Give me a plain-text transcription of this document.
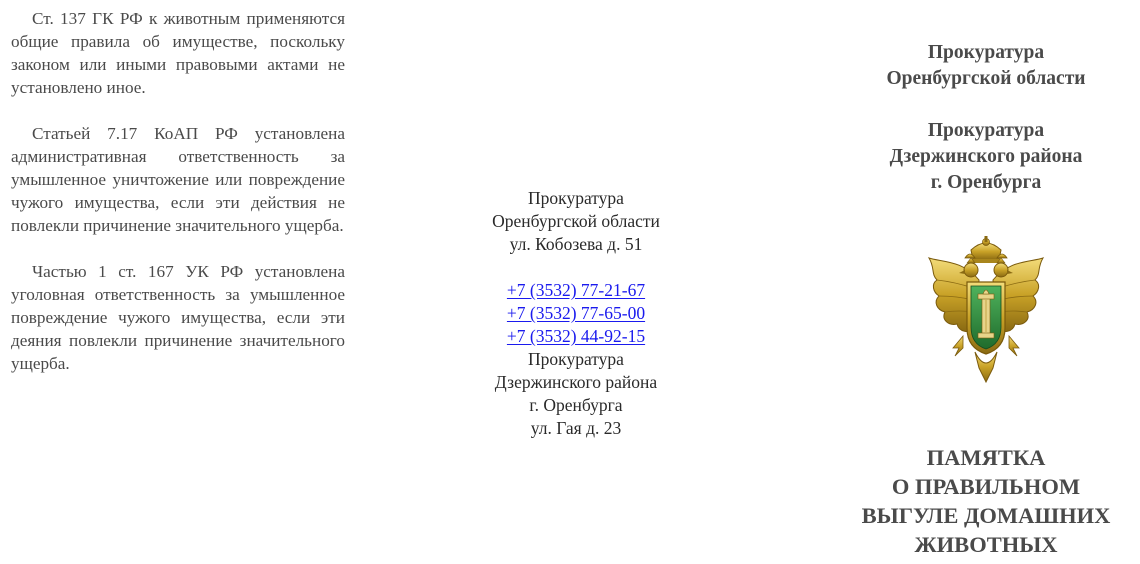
Ст. 137 ГК РФ к животным применяются общие правила об имуществе, поскольку законом или иными правовыми актами не установлено иное.

Статьей 7.17 КоАП РФ установлена административная ответственность за умышленное уничтожение или повреждение чужого имущества, если эти действия не повлекли причинение значительного ущерба.

Частью 1 ст. 167 УК РФ установлена уголовная ответственность за умышленное повреждение чужого имущества, если эти деяния повлекли причинение значительного ущерба.

Прокуратура
Оренбургской области
ул. Кобозева д. 51
+7 (3532) 77-21-67
+7 (3532) 77-65-00
+7 (3532) 44-92-15
Прокуратура
Дзержинского района
г. Оренбурга
ул. Гая д. 23
Прокуратура
Оренбургской области
Прокуратура
Дзержинского района
г. Оренбурга
ПАМЯТКА
О ПРАВИЛЬНОМ
ВЫГУЛЕ ДОМАШНИХ
ЖИВОТНЫХ
